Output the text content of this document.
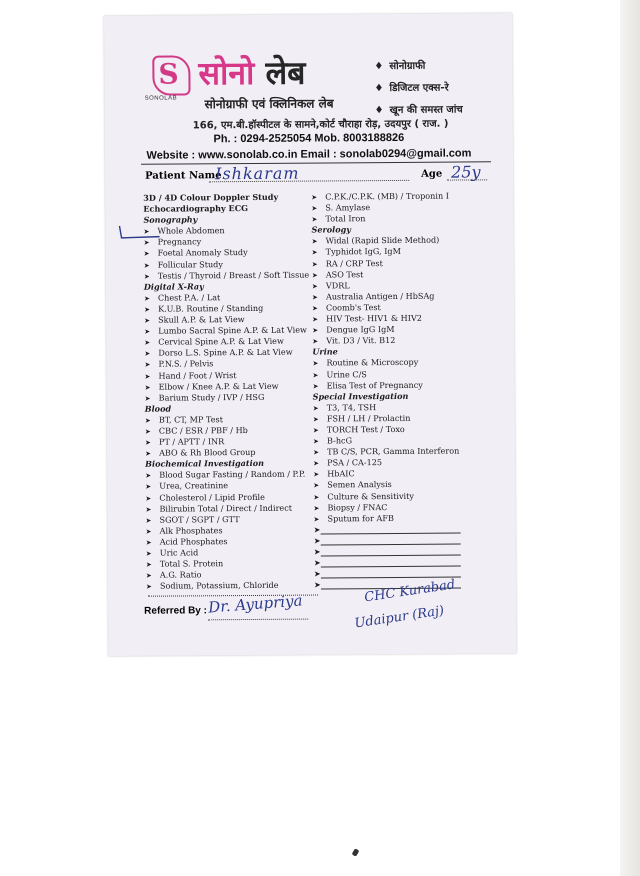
S
SONOLAB
सोनो लेब
सोनोग्राफी एवं क्लिनिकल लेब
♦ सोनोग्राफी
♦ डिजिटल एक्स-रे
♦ खून की समस्त जांच
166, एम.बी.हॉस्पीटल के सामने,कोर्ट चौराहा रोड़, उदयपुर ( राज. )
Ph. : 0294-2525054 Mob. 8003188826
Website : www.sonolab.co.in Email : sonolab0294@gmail.com
Patient Name
Ishkaram	Age 25y
3D / 4D Colour Doppler Study
Echocardiography ECG
Sonography
➤ Whole Abdomen
➤ Pregnancy
➤ Foetal Anomaly Study
➤ Follicular Study
➤ Testis / Thyroid / Breast / Soft Tissue
Digital X-Ray
➤ Chest P.A. / Lat
➤ K.U.B. Routine / Standing
➤ Skull A.P. & Lat View
➤ Lumbo Sacral Spine A.P. & Lat View
➤ Cervical Spine A.P. & Lat View
➤ Dorso L.S. Spine A.P. & Lat View
➤ P.N.S. / Pelvis
➤ Hand / Foot / Wrist
➤ Elbow / Knee A.P. & Lat View
➤ Barium Study / IVP / HSG
Blood
➤ BT, CT, MP Test
➤ CBC / ESR / PBF / Hb
➤ PT / APTT / INR
➤ ABO & Rh Blood Group
Biochemical Investigation
➤ Blood Sugar Fasting / Random / P.P.
➤ Urea, Creatinine
➤ Cholesterol / Lipid Profile
➤ Bilirubin Total / Direct / Indirect
➤ SGOT / SGPT / GTT
➤ Alk Phosphates
➤ Acid Phosphates
➤ Uric Acid
➤ Total S. Protein
➤ A.G. Ratio
➤ Sodium, Potassium, Chloride
➤ C.P.K./C.P.K. (MB) / Troponin I
➤ S. Amylase
➤ Total Iron
Serology
➤ Widal (Rapid Slide Method)
➤ Typhidot IgG, IgM
➤ RA / CRP Test
➤ ASO Test
➤ VDRL
➤ Australia Antigen / HbSAg
➤ Coomb's Test
➤ HIV Test- HIV1 & HIV2
➤ Dengue IgG IgM
➤ Vit. D3 / Vit. B12
Urine
➤ Routine & Microscopy
➤ Urine C/S
➤ Elisa Test of Pregnancy
Special Investigation
➤ T3, T4, TSH
➤ FSH / LH / Prolactin
➤ TORCH Test / Toxo
➤ B-hcG
➤ TB C/S, PCR, Gamma Interferon
➤ PSA / CA-125
➤ HbAIC
➤ Semen Analysis
➤ Culture & Sensitivity
➤ Biopsy / FNAC
➤ Sputum for AFB
➤
➤
➤
➤
➤
➤
Referred By : Dr. Ayupriya	CHC Kurabad
Udaipur (Raj)
